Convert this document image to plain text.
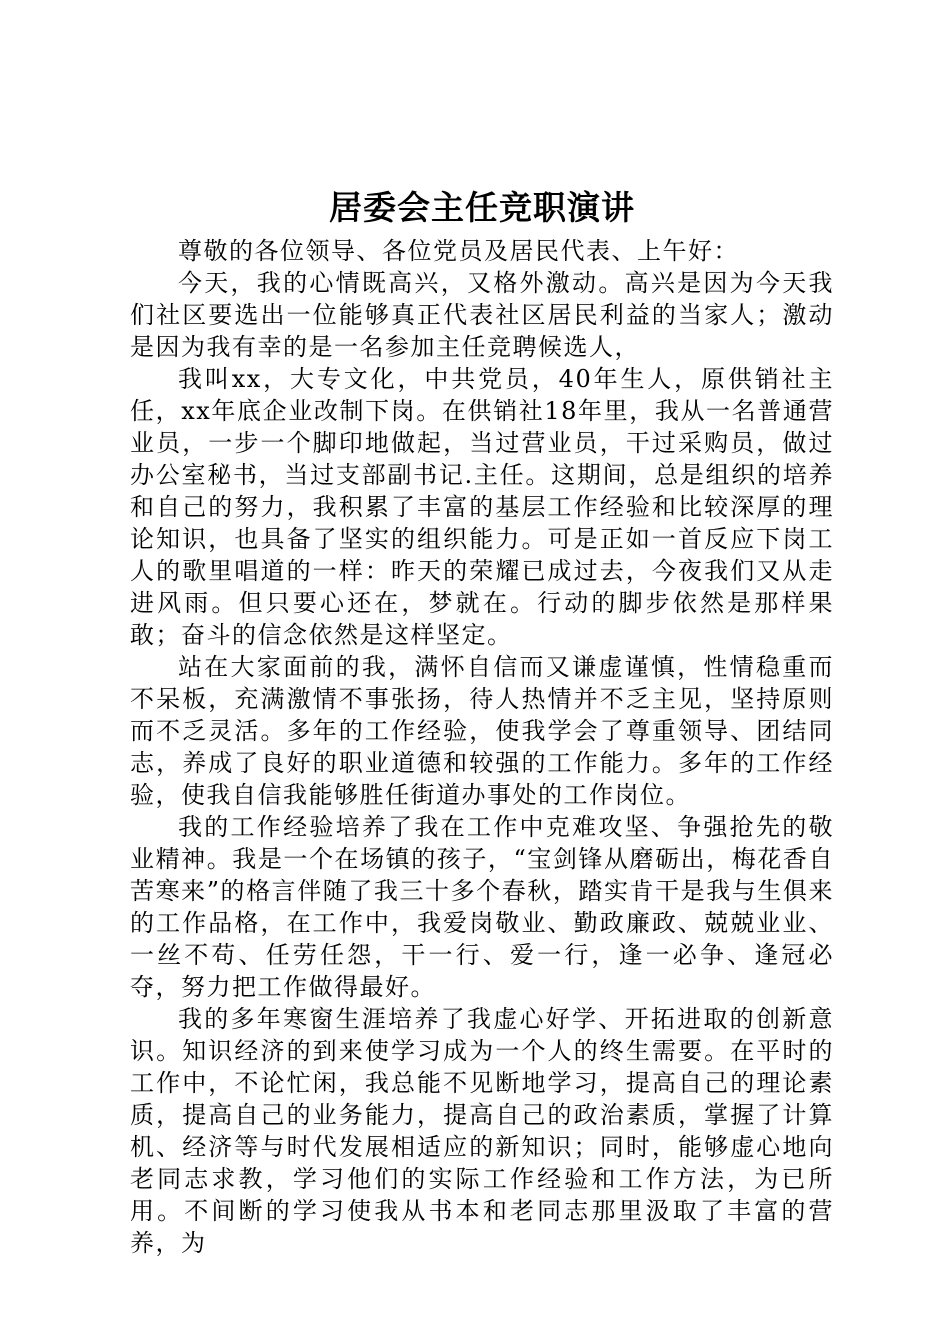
居委会主任竞职演讲

尊敬的各位领导、各位党员及居民代表、上午好：

今天，我的心情既高兴，又格外激动。高兴是因为今天我们社区要选出一位能够真正代表社区居民利益的当家人；激动是因为我有幸的是一名参加主任竞聘候选人，

我叫xx，大专文化，中共党员，40年生人，原供销社主任，xx年底企业改制下岗。在供销社18年里，我从一名普通营业员，一步一个脚印地做起，当过营业员，干过采购员，做过办公室秘书，当过支部副书记.主任。这期间，总是组织的培养和自己的努力，我积累了丰富的基层工作经验和比较深厚的理论知识，也具备了坚实的组织能力。可是正如一首反应下岗工人的歌里唱道的一样：昨天的荣耀已成过去，今夜我们又从走进风雨。但只要心还在，梦就在。行动的脚步依然是那样果敢；奋斗的信念依然是这样坚定。

站在大家面前的我，满怀自信而又谦虚谨慎，性情稳重而不呆板，充满激情不事张扬，待人热情并不乏主见，坚持原则而不乏灵活。多年的工作经验，使我学会了尊重领导、团结同志，养成了良好的职业道德和较强的工作能力。多年的工作经验，使我自信我能够胜任街道办事处的工作岗位。

我的工作经验培养了我在工作中克难攻坚、争强抢先的敬业精神。我是一个在场镇的孩子，“宝剑锋从磨砺出，梅花香自苦寒来”的格言伴随了我三十多个春秋，踏实肯干是我与生俱来的工作品格，在工作中，我爱岗敬业、勤政廉政、兢兢业业、一丝不苟、任劳任怨，干一行、爱一行，逢一必争、逢冠必夺，努力把工作做得最好。

我的多年寒窗生涯培养了我虚心好学、开拓进取的创新意识。知识经济的到来使学习成为一个人的终生需要。在平时的工作中，不论忙闲，我总能不见断地学习，提高自己的理论素质，提高自己的业务能力，提高自己的政治素质，掌握了计算机、经济等与时代发展相适应的新知识；同时，能够虚心地向老同志求教，学习他们的实际工作经验和工作方法，为已所用。不间断的学习使我从书本和老同志那里汲取了丰富的营养，为
